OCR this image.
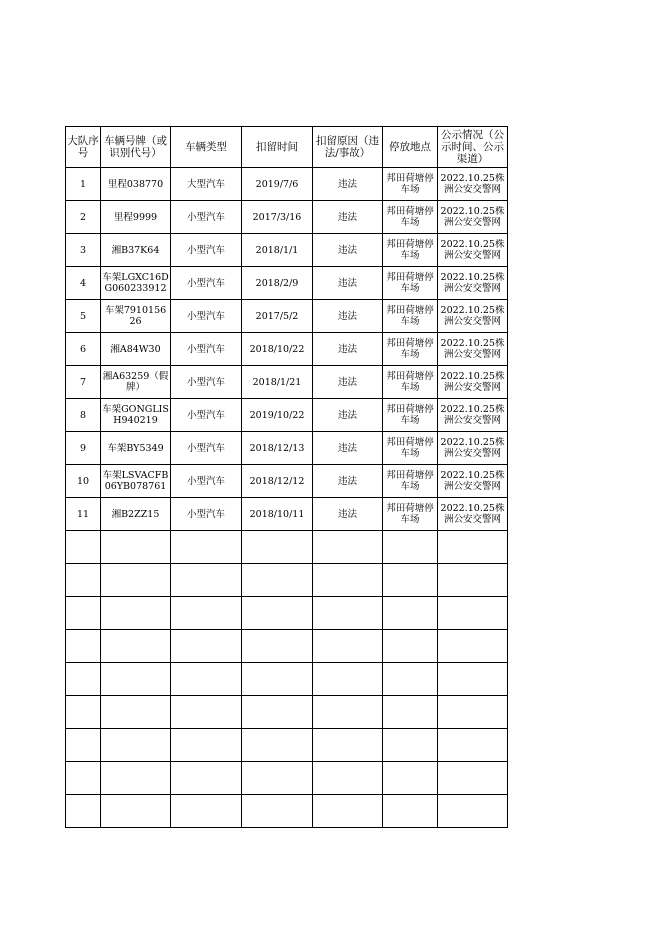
大队序号	车辆号牌（或识别代号）	车辆类型	扣留时间	扣留原因（违法/事故）	停放地点	公示情况（公示时间、公示渠道）
1	里程038770	大型汽车	2019/7/6	违法	邦田荷塘停车场	2022.10.25株洲公安交警网

2	里程9999	小型汽车	2017/3/16	违法	邦田荷塘停车场	2022.10.25株洲公安交警网

3	湘B37K64	小型汽车	2018/1/1	违法	邦田荷塘停车场	2022.10.25株洲公安交警网

4	车架LGXC16DG060233912	小型汽车	2018/2/9	违法	邦田荷塘停车场	2022.10.25株洲公安交警网

5	车架791015626	小型汽车	2017/5/2	违法	邦田荷塘停车场	2022.10.25株洲公安交警网

6	湘A84W30	小型汽车	2018/10/22	违法	邦田荷塘停车场	2022.10.25株洲公安交警网

7	湘A63259（假牌）	小型汽车	2018/1/21	违法	邦田荷塘停车场	2022.10.25株洲公安交警网

8	车架GONGLISH940219	小型汽车	2019/10/22	违法	邦田荷塘停车场	2022.10.25株洲公安交警网

9	车架BY5349	小型汽车	2018/12/13	违法	邦田荷塘停车场	2022.10.25株洲公安交警网

10	车架LSVACFB06YB078761	小型汽车	2018/12/12	违法	邦田荷塘停车场	2022.10.25株洲公安交警网

11	湘B2ZZ15	小型汽车	2018/10/11	违法	邦田荷塘停车场	2022.10.25株洲公安交警网
